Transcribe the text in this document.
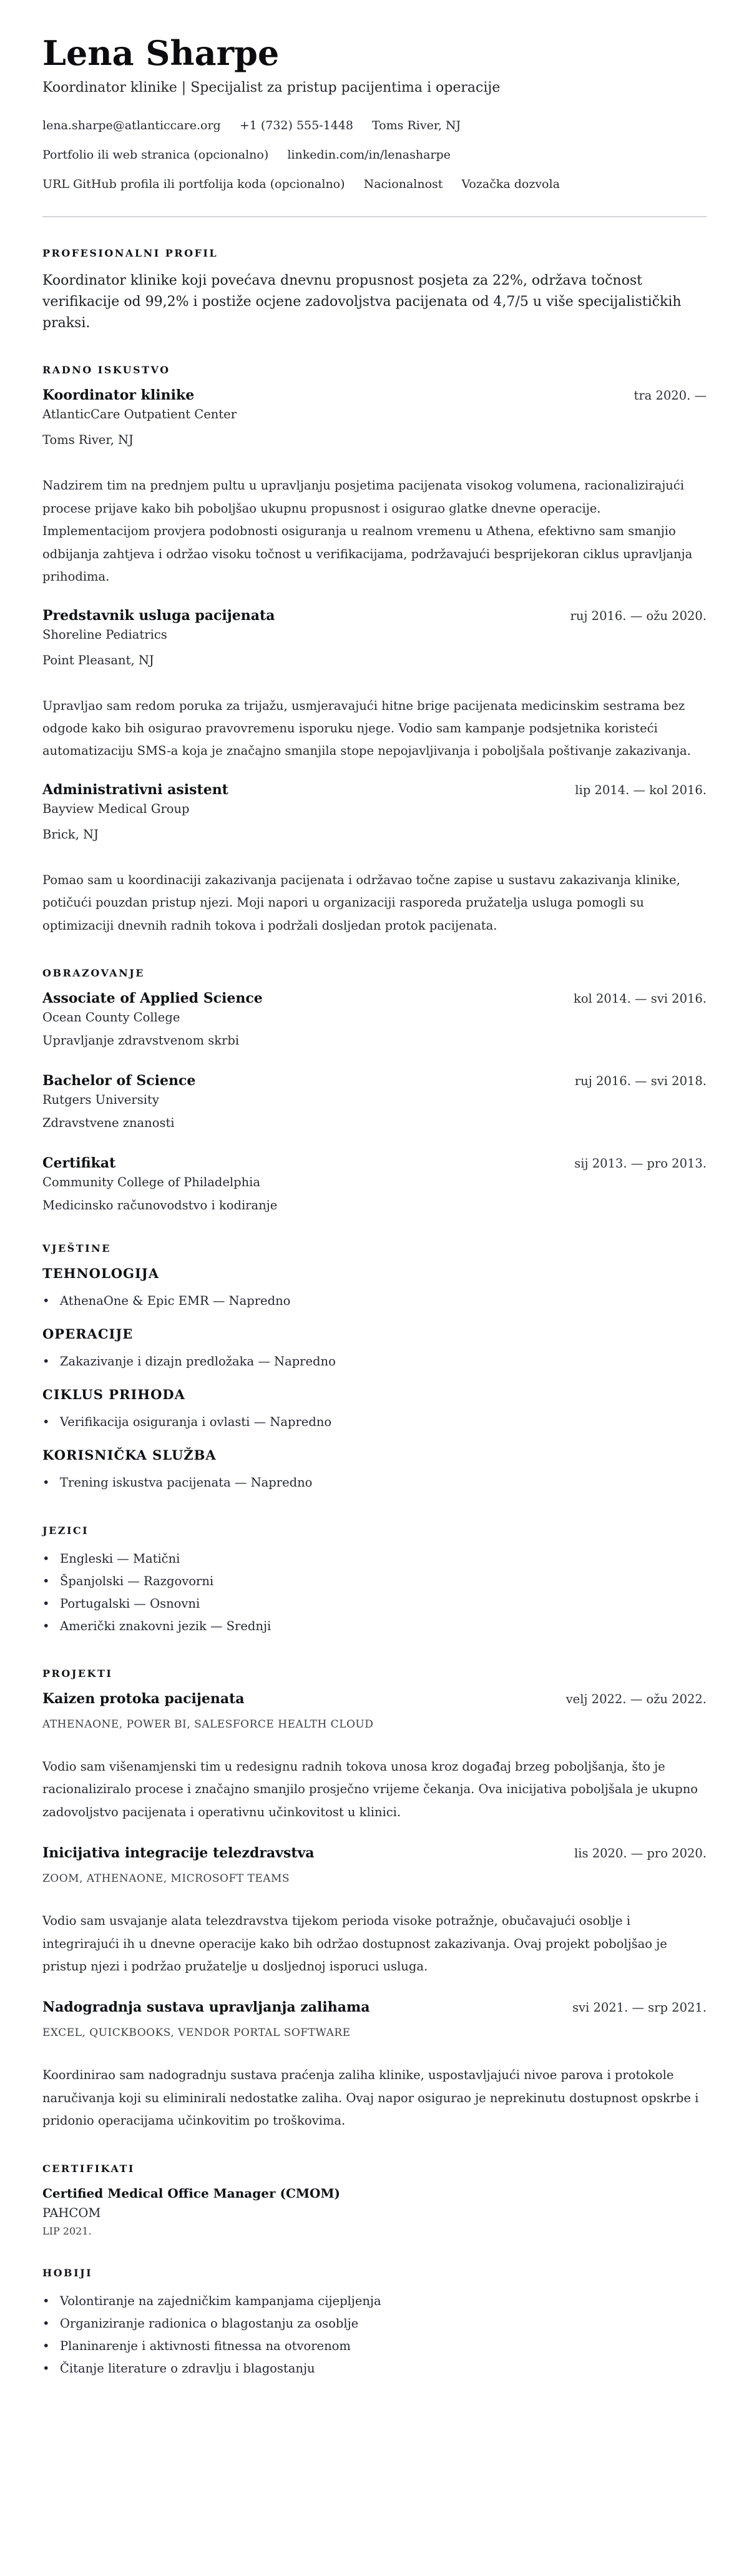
Lena Sharpe
Koordinator klinike | Specijalist za pristup pacijentima i operacije
lena.sharpe@atlanticcare.org +1 (732) 555-1448 Toms River, NJ
Portfolio ili web stranica (opcionalno) linkedin.com/in/lenasharpe
URL GitHub profila ili portfolija koda (opcionalno) Nacionalnost Vozačka dozvola
PROFESIONALNI PROFIL

Koordinator klinike koji povećava dnevnu propusnost posjeta za 22%, održava točnost verifikacije od 99,2% i postiže ocjene zadovoljstva pacijenata od 4,7/5 u više specijalističkih praksi.

RADNO ISKUSTVO
Koordinator klinike	tra 2020. —
AtlanticCare Outpatient Center
Toms River, NJ
Nadzirem tim na prednjem pultu u upravljanju posjetima pacijenata visokog volumena, racionalizirajući procese prijave kako bih poboljšao ukupnu propusnost i osigurao glatke dnevne operacije. Implementacijom provjera podobnosti osiguranja u realnom vremenu u Athena, efektivno sam smanjio odbijanja zahtjeva i održao visoku točnost u verifikacijama, podržavajući besprijekoran ciklus upravljanja prihodima.
Predstavnik usluga pacijenata	ruj 2016. — ožu 2020.
Shoreline Pediatrics
Point Pleasant, NJ
Upravljao sam redom poruka za trijažu, usmjeravajući hitne brige pacijenata medicinskim sestrama bez odgode kako bih osigurao pravovremenu isporuku njege. Vodio sam kampanje podsjetnika koristeći automatizaciju SMS-a koja je značajno smanjila stope nepojavljivanja i poboljšala poštivanje zakazivanja.
Administrativni asistent	lip 2014. — kol 2016.
Bayview Medical Group
Brick, NJ
Pomao sam u koordinaciji zakazivanja pacijenata i održavao točne zapise u sustavu zakazivanja klinike, potičući pouzdan pristup njezi. Moji napori u organizaciji rasporeda pružatelja usluga pomogli su optimizaciji dnevnih radnih tokova i podržali dosljedan protok pacijenata.
OBRAZOVANJE
Associate of Applied Science	kol 2014. — svi 2016.
Ocean County College
Upravljanje zdravstvenom skrbi
Bachelor of Science	ruj 2016. — svi 2018.
Rutgers University
Zdravstvene znanosti
Certifikat	sij 2013. — pro 2013.
Community College of Philadelphia
Medicinsko računovodstvo i kodiranje
VJEŠTINE
TEHNOLOGIJA
• AthenaOne & Epic EMR — Napredno
OPERACIJE
• Zakazivanje i dizajn predložaka — Napredno
CIKLUS PRIHODA
• Verifikacija osiguranja i ovlasti — Napredno
KORISNIČKA SLUŽBA
• Trening iskustva pacijenata — Napredno
JEZICI
• Engleski — Matični
• Španjolski — Razgovorni
• Portugalski — Osnovni
• Američki znakovni jezik — Srednji
PROJEKTI
Kaizen protoka pacijenata	velj 2022. — ožu 2022.
ATHENAONE, POWER BI, SALESFORCE HEALTH CLOUD
Vodio sam višenamjenski tim u redesignu radnih tokova unosa kroz događaj brzeg poboljšanja, što je racionaliziralo procese i značajno smanjilo prosječno vrijeme čekanja. Ova inicijativa poboljšala je ukupno zadovoljstvo pacijenata i operativnu učinkovitost u klinici.
Inicijativa integracije telezdravstva	lis 2020. — pro 2020.
ZOOM, ATHENAONE, MICROSOFT TEAMS
Vodio sam usvajanje alata telezdravstva tijekom perioda visoke potražnje, obučavajući osoblje i integrirajući ih u dnevne operacije kako bih održao dostupnost zakazivanja. Ovaj projekt poboljšao je pristup njezi i podržao pružatelje u dosljednoj isporuci usluga.
Nadogradnja sustava upravljanja zalihama	svi 2021. — srp 2021.
EXCEL, QUICKBOOKS, VENDOR PORTAL SOFTWARE
Koordinirao sam nadogradnju sustava praćenja zaliha klinike, uspostavljajući nivoe parova i protokole naručivanja koji su eliminirali nedostatke zaliha. Ovaj napor osigurao je neprekinutu dostupnost opskrbe i pridonio operacijama učinkovitim po troškovima.
CERTIFIKATI
Certified Medical Office Manager (CMOM)
PAHCOM
LIP 2021.
HOBIJI
• Volontiranje na zajedničkim kampanjama cijepljenja
• Organiziranje radionica o blagostanju za osoblje
• Planinarenje i aktivnosti fitnessa na otvorenom
• Čitanje literature o zdravlju i blagostanju
